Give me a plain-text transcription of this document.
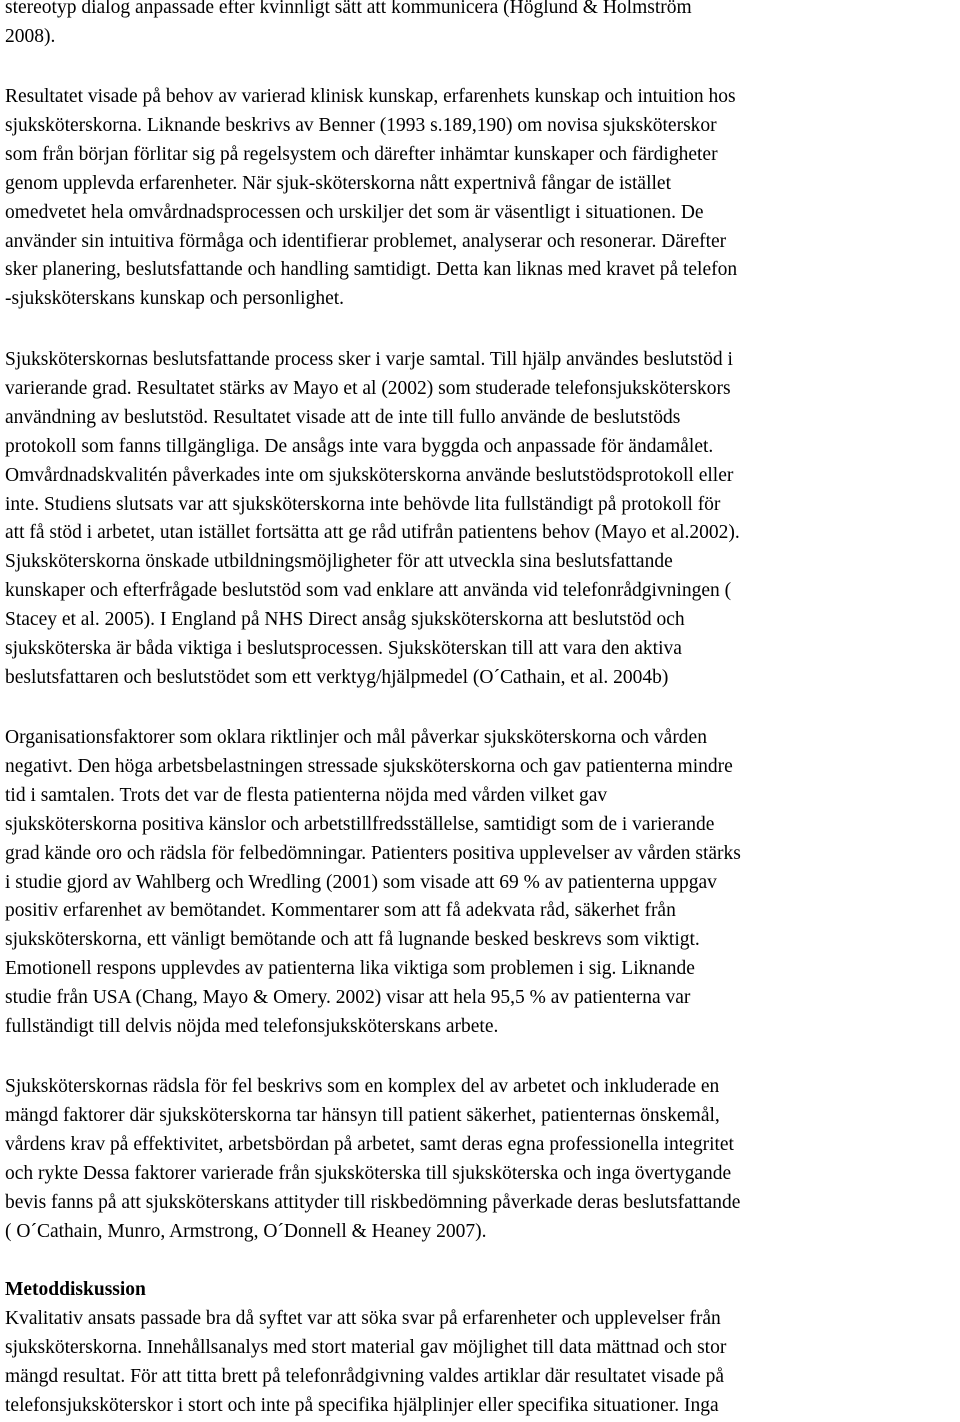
stereotyp dialog anpassade efter kvinnligt sätt att kommunicera (Höglund & Holmström
2008).
Resultatet visade på behov av varierad klinisk kunskap, erfarenhets kunskap och intuition hos
sjuksköterskorna. Liknande beskrivs av Benner (1993 s.189,190) om novisa sjuksköterskor
som från början förlitar sig på regelsystem och därefter inhämtar kunskaper och färdigheter
genom upplevda erfarenheter. När sjuk-sköterskorna nått expertnivå fångar de istället
omedvetet hela omvårdnadsprocessen och urskiljer det som är väsentligt i situationen. De
använder sin intuitiva förmåga och identifierar problemet, analyserar och resonerar. Därefter
sker planering, beslutsfattande och handling samtidigt. Detta kan liknas med kravet på telefon
-sjuksköterskans kunskap och personlighet.
Sjuksköterskornas beslutsfattande process sker i varje samtal. Till hjälp användes beslutstöd i
varierande grad. Resultatet stärks av Mayo et al (2002) som studerade telefonsjuksköterskors
användning av beslutstöd. Resultatet visade att de inte till fullo använde de beslutstöds
protokoll som fanns tillgängliga. De ansågs inte vara byggda och anpassade för ändamålet.
Omvårdnadskvalitén påverkades inte om sjuksköterskorna använde beslutstödsprotokoll eller
inte. Studiens slutsats var att sjuksköterskorna inte behövde lita fullständigt på protokoll för
att få stöd i arbetet, utan istället fortsätta att ge råd utifrån patientens behov (Mayo et al.2002).
Sjuksköterskorna önskade utbildningsmöjligheter för att utveckla sina beslutsfattande
kunskaper och efterfrågade beslutstöd som vad enklare att använda vid telefonrådgivningen (
Stacey et al. 2005). I England på NHS Direct ansåg sjuksköterskorna att beslutstöd och
sjuksköterska är båda viktiga i beslutsprocessen. Sjuksköterskan till att vara den aktiva
beslutsfattaren och beslutstödet som ett verktyg/hjälpmedel (O´Cathain, et al. 2004b)
Organisationsfaktorer som oklara riktlinjer och mål påverkar sjuksköterskorna och vården
negativt. Den höga arbetsbelastningen stressade sjuksköterskorna och gav patienterna mindre
tid i samtalen. Trots det var de flesta patienterna nöjda med vården vilket gav
sjuksköterskorna positiva känslor och arbetstillfredsställelse, samtidigt som de i varierande
grad kände oro och rädsla för felbedömningar. Patienters positiva upplevelser av vården stärks
i studie gjord av Wahlberg och Wredling (2001) som visade att 69 % av patienterna uppgav
positiv erfarenhet av bemötandet. Kommentarer som att få adekvata råd, säkerhet från
sjuksköterskorna, ett vänligt bemötande och att få lugnande besked beskrevs som viktigt.
Emotionell respons upplevdes av patienterna lika viktiga som problemen i sig. Liknande
studie från USA (Chang, Mayo & Omery. 2002) visar att hela 95,5 % av patienterna var
fullständigt till delvis nöjda med telefonsjuksköterskans arbete.
Sjuksköterskornas rädsla för fel beskrivs som en komplex del av arbetet och inkluderade en
mängd faktorer där sjuksköterskorna tar hänsyn till patient säkerhet, patienternas önskemål,
vårdens krav på effektivitet, arbetsbördan på arbetet, samt deras egna professionella integritet
och rykte Dessa faktorer varierade från sjuksköterska till sjuksköterska och inga övertygande
bevis fanns på att sjuksköterskans attityder till riskbedömning påverkade deras beslutsfattande
( O´Cathain, Munro, Armstrong, O´Donnell & Heaney 2007).
Metoddiskussion
Kvalitativ ansats passade bra då syftet var att söka svar på erfarenheter och upplevelser från
sjuksköterskorna. Innehållsanalys med stort material gav möjlighet till data mättnad och stor
mängd resultat. För att titta brett på telefonrådgivning valdes artiklar där resultatet visade på
telefonsjuksköterskor i stort och inte på specifika hjälplinjer eller specifika situationer. Inga
